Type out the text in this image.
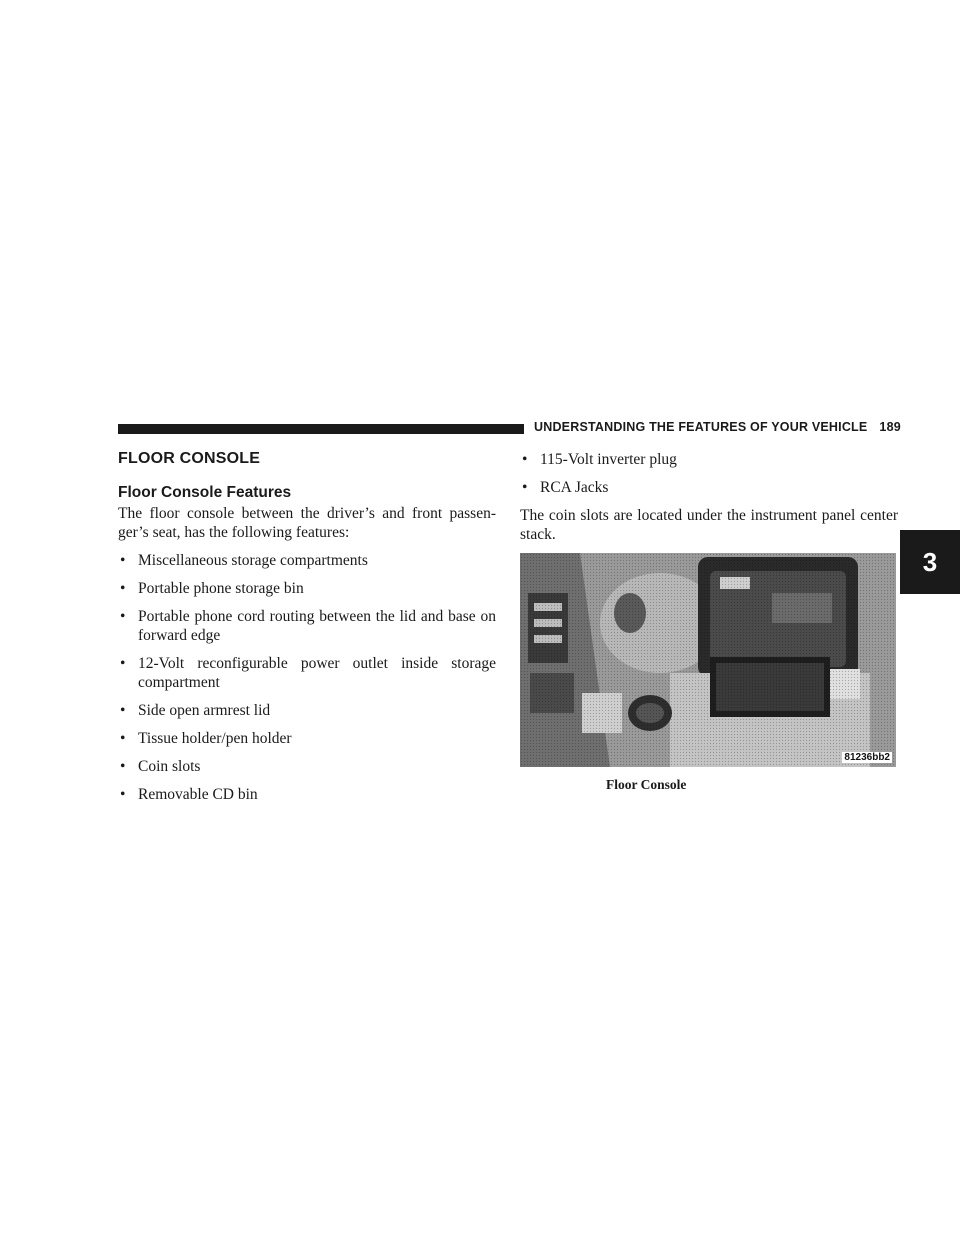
UNDERSTANDING THE FEATURES OF YOUR VEHICLE 189
3
FLOOR CONSOLE
Floor Console Features

The floor console between the driver’s and front passen- ger’s seat, has the following features:

• Miscellaneous storage compartments
• Portable phone storage bin
• Portable phone cord routing between the lid and base on forward edge
• 12-Volt reconfigurable power outlet inside storage compartment
• Side open armrest lid
• Tissue holder/pen holder
• Coin slots
• Removable CD bin
• 115-Volt inverter plug
• RCA Jacks

The coin slots are located under the instrument panel center stack.

81236bb2
Floor Console
